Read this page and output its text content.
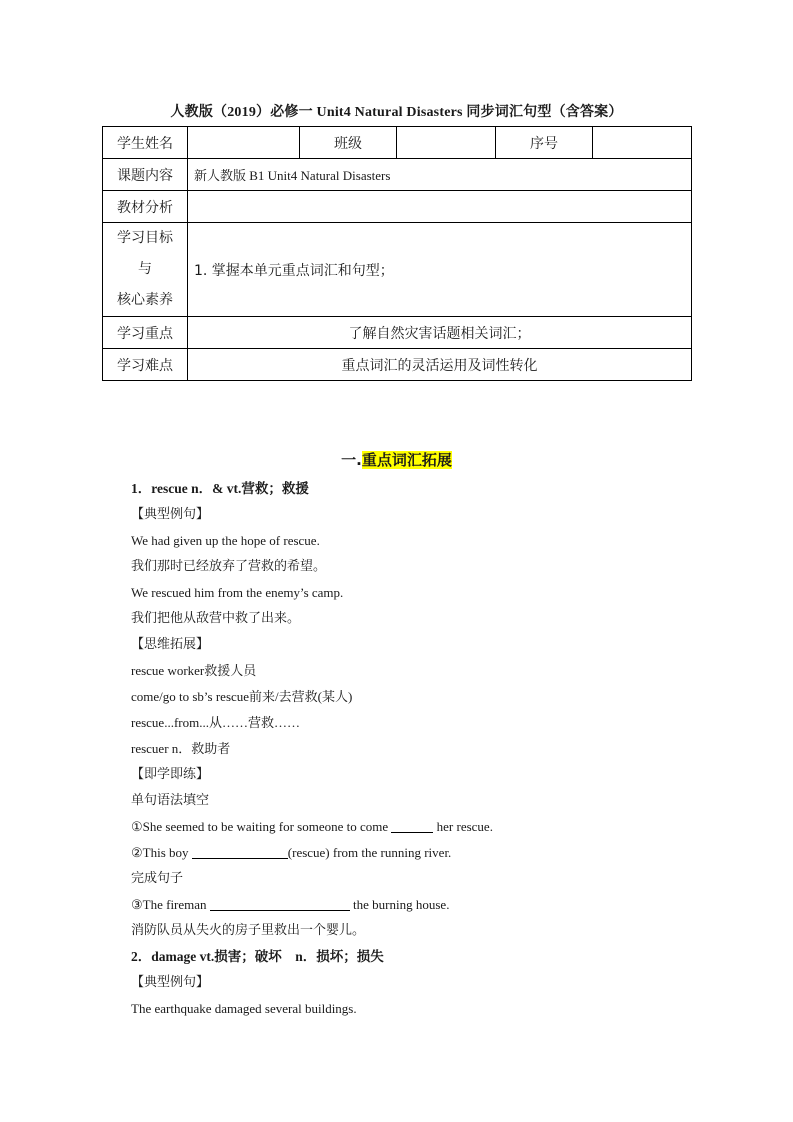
人教版（2019）必修一 Unit4 Natural Disasters 同步词汇句型（含答案）
学生姓名		班级		序号	
课题内容	新人教版 B1 Unit4 Natural Disasters				
教材分析					

学习目标
与
核心素养	1. 掌握本单元重点词汇和句型；				
学习重点	了解自然灾害话题相关词汇；				
学习难点	重点词汇的灵活运用及词性转化				
一.重点词汇拓展
1．rescue n．& vt.营救；救援
【典型例句】
We had given up the hope of rescue.
我们那时已经放弃了营救的希望。
We rescued him from the enemy’s camp.
我们把他从敌营中救了出来。
【思维拓展】
rescue worker救援人员
come/go to sb’s rescue前来/去营救(某人)
rescue...from...从……营救……
rescuer n．救助者
【即学即练】
单句语法填空
①She seemed to be waiting for someone to come	her rescue.
②This boy	(rescue) from the running river.
完成句子
③The fireman	the burning house.
消防队员从失火的房子里救出一个婴儿。
2．damage vt.损害；破坏　n．损坏；损失
【典型例句】
The earthquake damaged several buildings.
